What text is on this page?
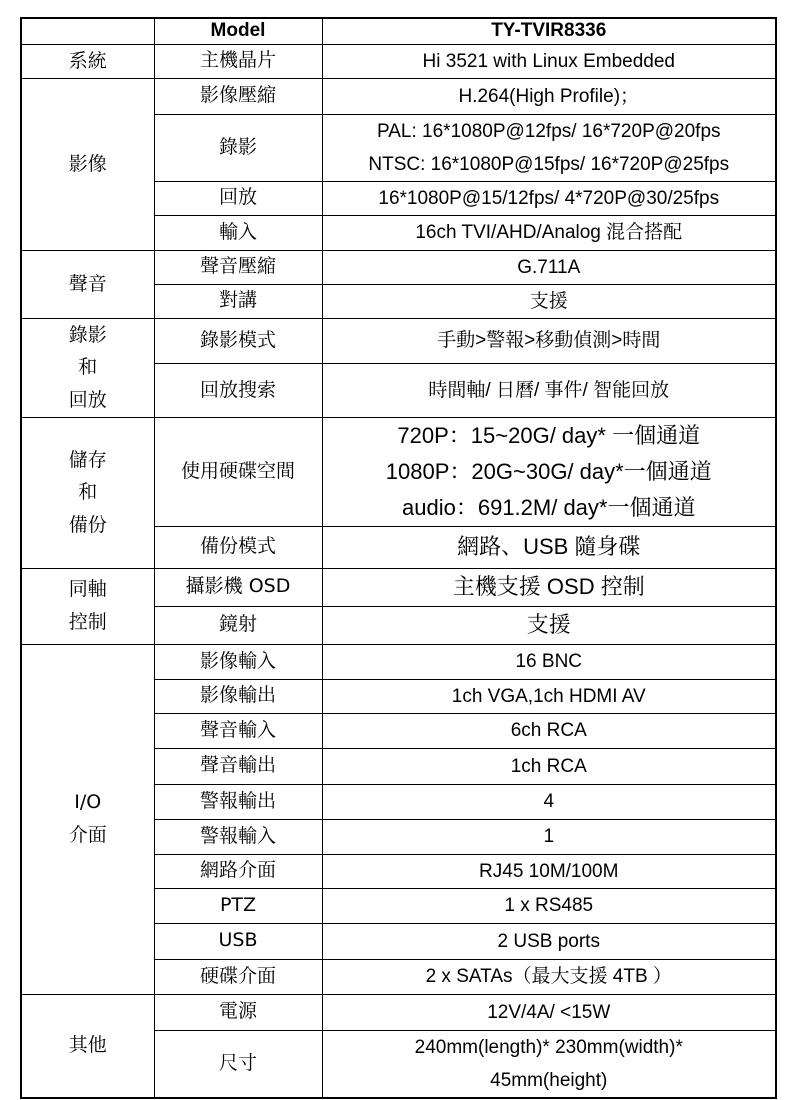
	Model	TY-TVIR8336

系統	主機晶片	Hi 3521 with Linux Embedded

影像	影像壓縮	H.264(High Profile)；

	錄影	PAL: 16*1080P@12fps/ 16*720P@20fps
NTSC: 16*1080P@15fps/ 16*720P@25fps

	回放	16*1080P@15/12fps/ 4*720P@30/25fps

	輸入	16ch TVI/AHD/Analog 混合搭配

聲音	聲音壓縮	G.711A

	對講	支援

錄影
和
回放	錄影模式	手動>警報>移動偵測>時間

	回放搜索	時間軸/ 日曆/ 事件/ 智能回放

儲存
和
備份	使用硬碟空間	720P：15~20G/ day* 一個通道
1080P：20G~30G/ day*一個通道
audio：691.2M/ day*一個通道

	備份模式	網路、USB 隨身碟

同軸
控制	攝影機 OSD	主機支援 OSD 控制

	鏡射	支援

I/O
介面	影像輸入	16 BNC

	影像輸出	1ch VGA,1ch HDMI AV

	聲音輸入	6ch RCA

	聲音輸出	1ch RCA

	警報輸出	4

	警報輸入	1

	網路介面	RJ45 10M/100M

	PTZ	1 x RS485

	USB	2 USB ports

	硬碟介面	2 x SATAs（最大支援 4TB ）

其他	電源	12V/4A/ <15W

	尺寸	240mm(length)* 230mm(width)*
45mm(height)
